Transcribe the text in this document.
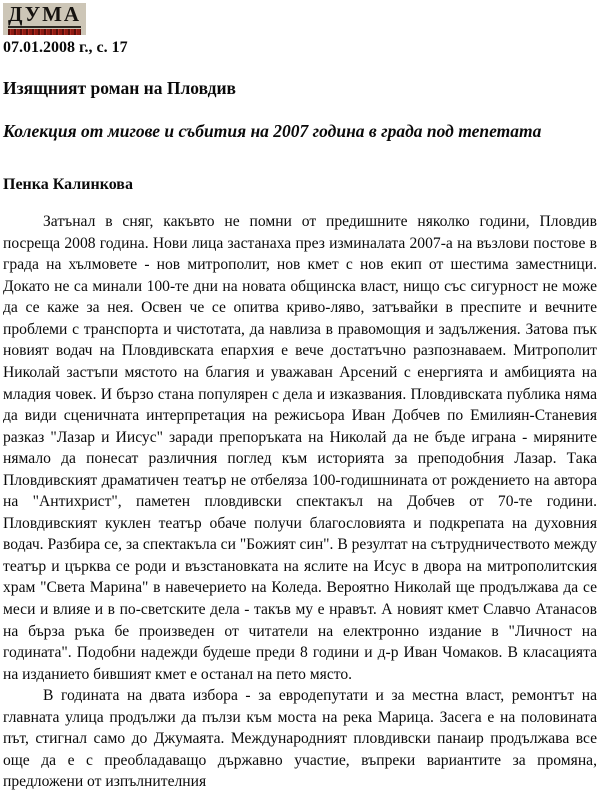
ДУМА
07.01.2008 г., с. 17
Изящният роман на Пловдив
Колекция от мигове и събития на 2007 година в града под тепетата
Пенка Калинкова

Затънал в сняг, какъвто не помни от предишните няколко години, Пловдив посреща 2008 година. Нови лица застанаха през изминалата 2007-а на възлови постове в града на хълмовете - нов митрополит, нов кмет с нов екип от шестима заместници. Докато не са минали 100-те дни на новата общинска власт, нищо със сигурност не може да се каже за нея. Освен че се опитва криво-ляво, затъвайки в преспите и вечните проблеми с транспорта и чистотата, да навлиза в правомощия и задължения. Затова пък новият водач на Пловдивската епархия е вече достатъчно разпознаваем. Митрополит Николай застъпи мястото на благия и уважаван Арсений с енергията и амбицията на младия човек. И бързо стана популярен с дела и изказвания. Пловдивската публика няма да види сценичната интерпретация на режисьора Иван Добчев по Емилиян-Станевия разказ "Лазар и Иисус" заради препоръката на Николай да не бъде играна - миряните нямало да понесат различния поглед към историята за преподобния Лазар. Така Пловдивският драматичен театър не отбеляза 100-годишнината от рождението на автора на "Антихрист", паметен пловдивски спектакъл на Добчев от 70-те години. Пловдивският куклен театър обаче получи благословията и подкрепата на духовния водач. Разбира се, за спектакъла си "Божият син". В резултат на сътрудничеството между театър и църква се роди и възстановката на яслите на Исус в двора на митрополитския храм "Света Марина" в навечерието на Коледа. Вероятно Николай ще продължава да се меси и влияе и в по-светските дела - такъв му е нравът. А новият кмет Славчо Атанасов на бърза ръка бе произведен от читатели на електронно издание в "Личност на годината". Подобни надежди будеше преди 8 години и д-р Иван Чомаков. В класацията на изданието бившият кмет е останал на пето място.

В годината на двата избора - за евродепутати и за местна власт, ремонтът на главната улица продължи да пълзи към моста на река Марица. Засега е на половината път, стигнал само до Джумаята. Международният пловдивски панаир продължава все още да е с преобладаващо държавно участие, въпреки вариантите за промяна, предложени от изпълнителния
